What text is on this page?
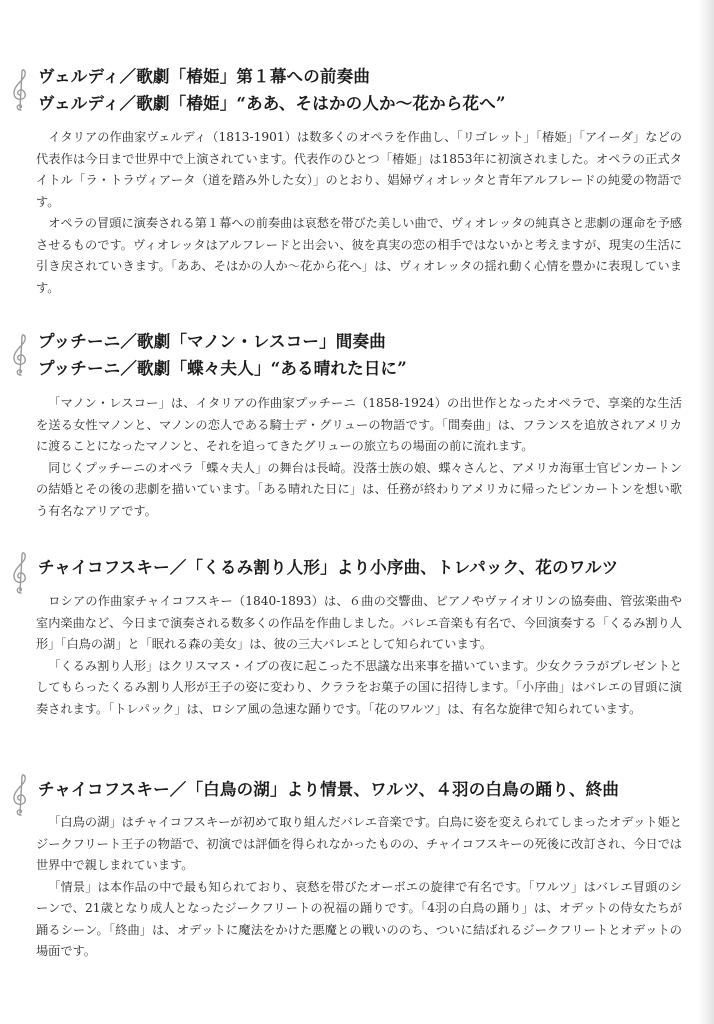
ヴェルディ／歌劇「椿姫」第１幕への前奏曲
ヴェルディ／歌劇「椿姫」“ああ、そはかの人か～花から花へ”

イタリアの作曲家ヴェルディ（1813-1901）は数多くのオペラを作曲し、「リゴレット」「椿姫」「アイーダ」などの代表作は今日まで世界中で上演されています。代表作のひとつ「椿姫」は1853年に初演されました。オペラの正式タイトル「ラ・トラヴィアータ（道を踏み外した女）」のとおり、娼婦ヴィオレッタと青年アルフレードの純愛の物語です。

オペラの冒頭に演奏される第１幕への前奏曲は哀愁を帯びた美しい曲で、ヴィオレッタの純真さと悲劇の運命を予感させるものです。ヴィオレッタはアルフレードと出会い、彼を真実の恋の相手ではないかと考えますが、現実の生活に引き戻されていきます。「ああ、そはかの人か～花から花へ」は、ヴィオレッタの揺れ動く心情を豊かに表現しています。

プッチーニ／歌劇「マノン・レスコー」間奏曲
プッチーニ／歌劇「蝶々夫人」“ある晴れた日に”

「マノン・レスコー」は、イタリアの作曲家プッチーニ（1858-1924）の出世作となったオペラで、享楽的な生活を送る女性マノンと、マノンの恋人である騎士デ・グリューの物語です。「間奏曲」は、フランスを追放されアメリカに渡ることになったマノンと、それを追ってきたグリューの旅立ちの場面の前に流れます。

同じくプッチーニのオペラ「蝶々夫人」の舞台は長崎。没落士族の娘、蝶々さんと、アメリカ海軍士官ピンカートンの結婚とその後の悲劇を描いています。「ある晴れた日に」は、任務が終わりアメリカに帰ったピンカートンを想い歌う有名なアリアです。

チャイコフスキー／「くるみ割り人形」より小序曲、トレパック、花のワルツ

ロシアの作曲家チャイコフスキー（1840-1893）は、６曲の交響曲、ピアノやヴァイオリンの協奏曲、管弦楽曲や室内楽曲など、今日まで演奏される数多くの作品を作曲しました。バレエ音楽も有名で、今回演奏する「くるみ割り人形」「白鳥の湖」と「眠れる森の美女」は、彼の三大バレエとして知られています。

「くるみ割り人形」はクリスマス・イブの夜に起こった不思議な出来事を描いています。少女クララがプレゼントとしてもらったくるみ割り人形が王子の姿に変わり、クララをお菓子の国に招待します。「小序曲」はバレエの冒頭に演奏されます。「トレパック」は、ロシア風の急速な踊りです。「花のワルツ」は、有名な旋律で知られています。

チャイコフスキー／「白鳥の湖」より情景、ワルツ、４羽の白鳥の踊り、終曲

「白鳥の湖」はチャイコフスキーが初めて取り組んだバレエ音楽です。白鳥に姿を変えられてしまったオデット姫とジークフリート王子の物語で、初演では評価を得られなかったものの、チャイコフスキーの死後に改訂され、今日では世界中で親しまれています。

「情景」は本作品の中で最も知られており、哀愁を帯びたオーボエの旋律で有名です。「ワルツ」はバレエ冒頭のシーンで、21歳となり成人となったジークフリートの祝福の踊りです。「4羽の白鳥の踊り」は、オデットの侍女たちが踊るシーン。「終曲」は、オデットに魔法をかけた悪魔との戦いののち、ついに結ばれるジークフリートとオデットの場面です。
